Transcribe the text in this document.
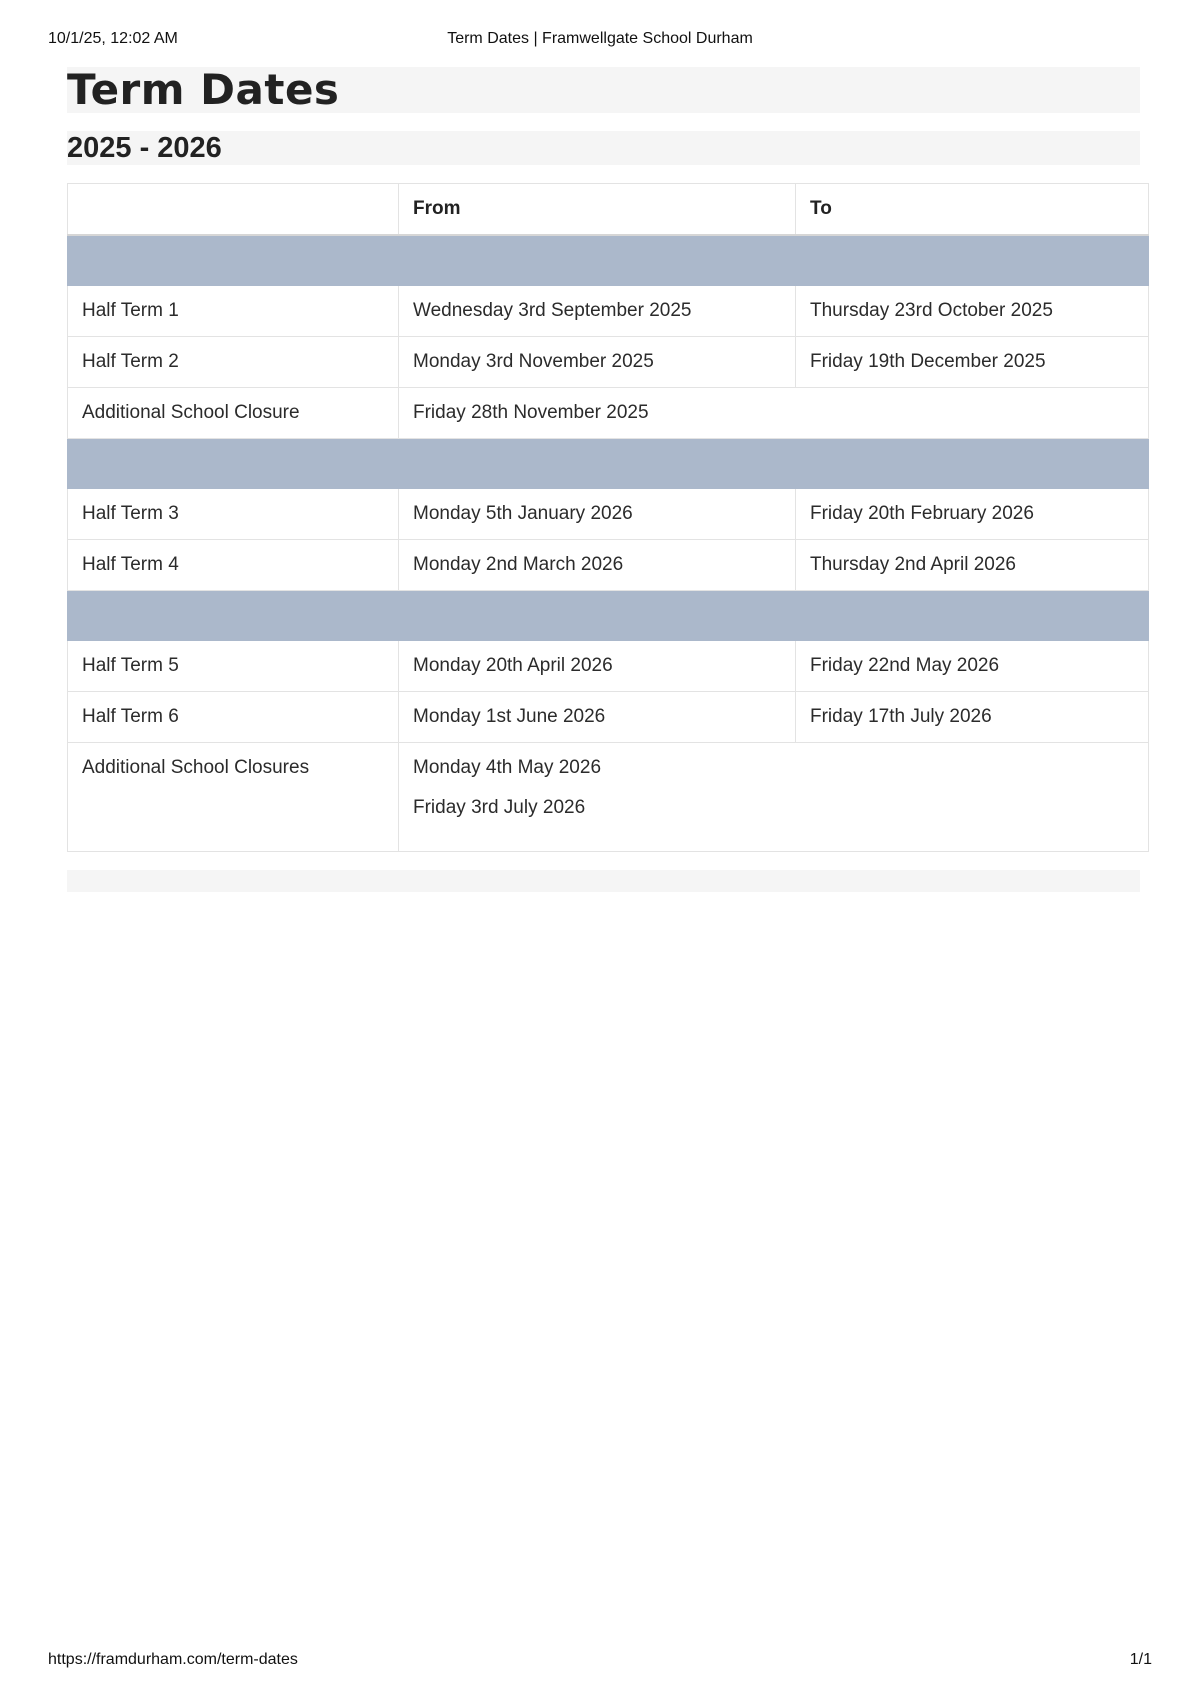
10/1/25, 12:02 AM	Term Dates | Framwellgate School Durham
Term Dates
2025 - 2026
	From	To

Half Term 1	Wednesday 3rd September 2025	Thursday 23rd October 2025
Half Term 2	Monday 3rd November 2025	Friday 19th December 2025
Additional School Closure	Friday 28th November 2025	

Half Term 3	Monday 5th January 2026	Friday 20th February 2026
Half Term 4	Monday 2nd March 2026	Thursday 2nd April 2026

Half Term 5	Monday 20th April 2026	Friday 22nd May 2026
Half Term 6	Monday 1st June 2026	Friday 17th July 2026
Additional School Closures	Monday 4th May 2026
Friday 3rd July 2026	
https://framdurham.com/term-dates	1/1
